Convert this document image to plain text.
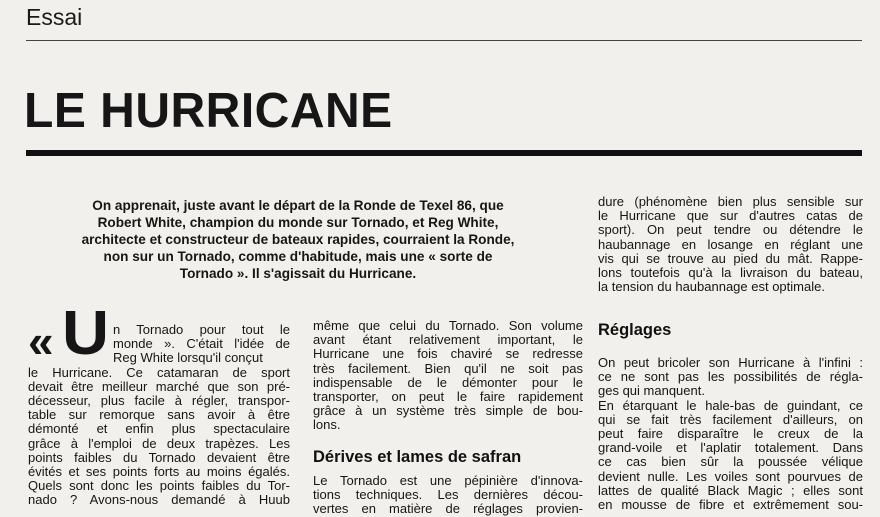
Essai
LE HURRICANE

On apprenait, juste avant le départ de la Ronde de Texel 86, que

Robert White, champion du monde sur Tornado, et Reg White,

architecte et constructeur de bateaux rapides, courraient la Ronde,

non sur un Tornado, comme d'habitude, mais une « sorte de

Tornado ». Il s'agissait du Hurricane.

« U n Tornado pour tout le
monde ». C'était l'idée de
Reg White lorsqu'il conçut
le Hurricane. Ce catamaran de sport
devait être meilleur marché que son pré-
décesseur, plus facile à régler, transpor-
table sur remorque sans avoir à être
démonté et enfin plus spectaculaire
grâce à l'emploi de deux trapèzes. Les
points faibles du Tornado devaient être
évités et ses points forts au moins égalés.
Quels sont donc les points faibles du Tor-
nado ? Avons-nous demandé à Huub
même que celui du Tornado. Son volume
avant étant relativement important, le
Hurricane une fois chaviré se redresse
très facilement. Bien qu'il ne soit pas
indispensable de le démonter pour le
transporter, on peut le faire rapidement
grâce à un système très simple de bou-
lons.
Dérives et lames de safran
Le Tornado est une pépinière d'innova-
tions techniques. Les dernières décou-
vertes en matière de réglages provien-
dure (phénomène bien plus sensible sur
le Hurricane que sur d'autres catas de
sport). On peut tendre ou détendre le
haubannage en losange en réglant une
vis qui se trouve au pied du mât. Rappe-
lons toutefois qu'à la livraison du bateau,
la tension du haubannage est optimale.
Réglages
On peut bricoler son Hurricane à l'infini :
ce ne sont pas les possibilités de régla-
ges qui manquent.
En étarquant le hale-bas de guindant, ce
qui se fait très facilement d'ailleurs, on
peut faire disparaître le creux de la
grand-voile et l'aplatir totalement. Dans
ce cas bien sûr la poussée vélique
devient nulle. Les voiles sont pourvues de
lattes de qualité Black Magic ; elles sont
en mousse de fibre et extrêmement sou-
